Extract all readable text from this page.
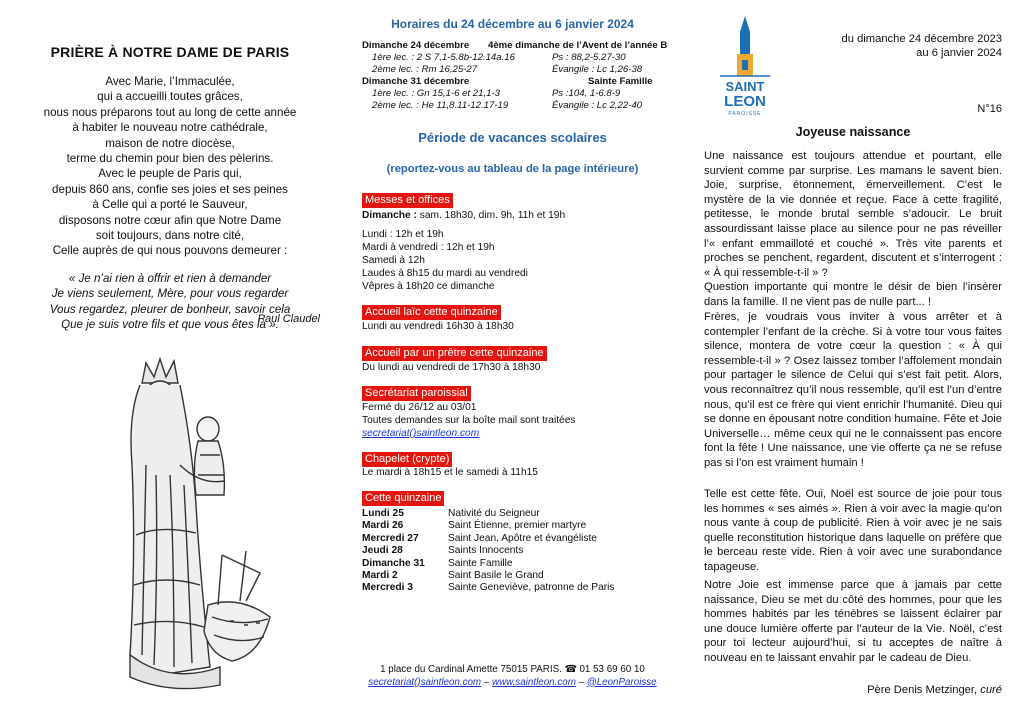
PRIÈRE À NOTRE DAME DE PARIS
Avec Marie, l’Immaculée,
qui a accueilli toutes grâces,
nous nous préparons tout au long de cette année
à habiter le nouveau notre cathédrale,
maison de notre diocèse,
terme du chemin pour bien des pèlerins.
Avec le peuple de Paris qui,
depuis 860 ans, confie ses joies et ses peines
à Celle qui a porté le Sauveur,
disposons notre cœur afin que Notre Dame
soit toujours, dans notre cité,
Celle auprès de qui nous pouvons demeurer :
« Je n’ai rien à offrir et rien à demander
Je viens seulement, Mère, pour vous regarder
Vous regardez, pleurer de bonheur, savoir cela
Que je suis votre fils et que vous êtes là ».
Paul Claudel
Horaires du 24 décembre au 6 janvier 2024
Dimanche 24 décembre 4ème dimanche de l’Avent de l’année B
1ère lec. : 2 S 7,1-5.8b-12.14a.16	Ps : 88,2-5.27-30
2ème lec. : Rm 16,25-27	Évangile : Lc 1,26-38
Dimanche 31 décembre	Sainte Famille
1ère lec. : Gn 15,1-6 et 21,1-3	Ps :104, 1-6.8-9
2ème lec. : He 11,8.11-12.17-19	Évangile : Lc 2,22-40
Période de vacances scolaires
(reportez-vous au tableau de la page intérieure)
Messes et offices
Dimanche : sam. 18h30, dim. 9h, 11h et 19h
Lundi : 12h et 19h
Mardi à vendredi : 12h et 19h
Samedi à 12h
Laudes à 8h15 du mardi au vendredi
Vêpres à 18h20 ce dimanche
Accueil laïc cette quinzaine
Lundi au vendredi 16h30 à 18h30
Accueil par un prêtre cette quinzaine
Du lundi au vendredi de 17h30 à 18h30
Secrétariat paroissial
Fermé du 26/12 au 03/01
Toutes demandes sur la boîte mail sont traitées
secretariat()saintleon.com
Chapelet (crypte)
Le mardi à 18h15 et le samedi à 11h15
Cette quinzaine
Lundi 25	Nativité du Seigneur
Mardi 26	Saint Étienne, premier martyre
Mercredi 27	Saint Jean, Apôtre et évangéliste
Jeudi 28	Saints Innocents
Dimanche 31	Sainte Famille
Mardi 2	Saint Basile le Grand
Mercredi 3	Sainte Geneviève, patronne de Paris
1 place du Cardinal Amette 75015 PARIS. ☎ 01 53 69 60 10
secretariat()saintleon.com – www.saintleon.com – @LeonParoisse
SAINT
LEON
PAROISSE
du dimanche 24 décembre 2023
au 6 janvier 2024
N°16
Joyeuse naissance
Une naissance est toujours attendue et pourtant, elle survient comme par surprise. Les mamans le savent bien. Joie, surprise, étonnement, émerveillement. C’est le mystère de la vie donnée et reçue. Face à cette fragilité, petitesse, le monde brutal semble s’adoucir. Le bruit assourdissant laisse place au silence pour ne pas réveiller l’« enfant emmailloté et couché ». Très vite parents et proches se penchent, regardent, discutent et s’interrogent : « À qui ressemble-t-il » ?
Question importante qui montre le désir de bien l’insérer dans la famille. Il ne vient pas de nulle part... !
Frères, je voudrais vous inviter à vous arrêter et à contempler l’enfant de la crèche. Si à votre tour vous faites silence, montera de votre cœur la question : « À qui ressemble-t-il » ? Osez laissez tomber l’affolement mondain pour partager le silence de Celui qui s’est fait petit. Alors, vous reconnaîtrez qu’il nous ressemble, qu’il est l’un d’entre nous, qu’il est ce frère qui vient enrichir l’humanité. Dieu qui se donne en épousant notre condition humaine. Fête et Joie Universelle… même ceux qui ne le connaissent pas encore font la fête ! Une naissance, une vie offerte ça ne se refuse pas si l’on est vraiment humain !
Telle est cette fête. Oui, Noël est source de joie pour tous les hommes « ses aimés ». Rien à voir avec la magie qu’on nous vante à coup de publicité. Rien à voir avec je ne sais quelle reconstitution historique dans laquelle on préfère que le berceau reste vide. Rien à voir avec une surabondance tapageuse.
Notre Joie est immense parce que à jamais par cette naissance, Dieu se met du côté des hommes, pour que les hommes habités par les ténèbres se laissent éclairer par une douce lumière offerte par l’auteur de la Vie. Noël, c’est pour toi lecteur aujourd’hui, si tu acceptes de naître à nouveau en te laissant envahir par le cadeau de Dieu.
Père Denis Metzinger, curé
